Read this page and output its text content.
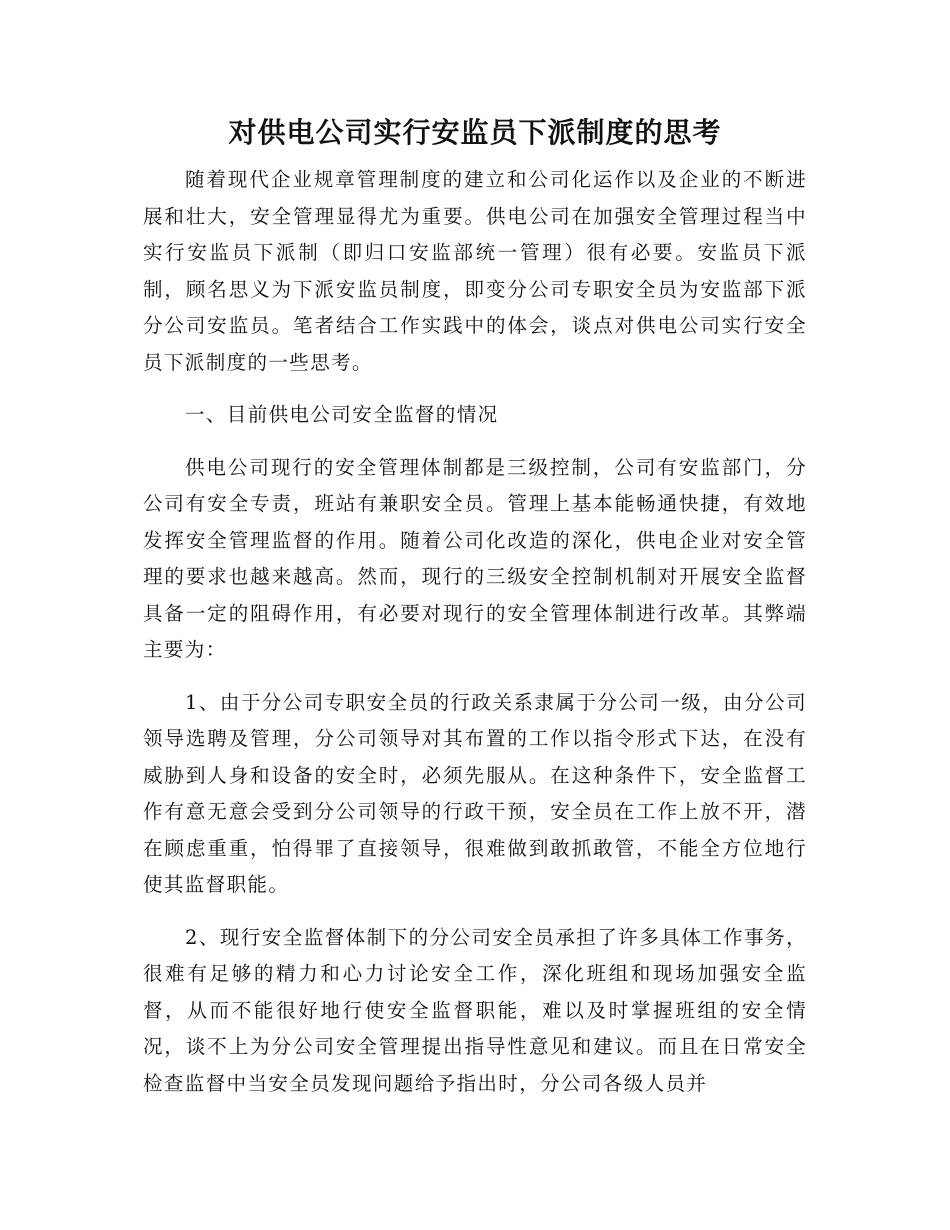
对供电公司实行安监员下派制度的思考

随着现代企业规章管理制度的建立和公司化运作以及企业的不断进展和壮大，安全管理显得尤为重要。供电公司在加强安全管理过程当中实行安监员下派制（即归口安监部统一管理）很有必要。安监员下派制，顾名思义为下派安监员制度，即变分公司专职安全员为安监部下派分公司安监员。笔者结合工作实践中的体会，谈点对供电公司实行安全员下派制度的一些思考。

一、目前供电公司安全监督的情况

供电公司现行的安全管理体制都是三级控制，公司有安监部门，分公司有安全专责，班站有兼职安全员。管理上基本能畅通快捷，有效地发挥安全管理监督的作用。随着公司化改造的深化，供电企业对安全管理的要求也越来越高。然而，现行的三级安全控制机制对开展安全监督具备一定的阻碍作用，有必要对现行的安全管理体制进行改革。其弊端主要为：

1、由于分公司专职安全员的行政关系隶属于分公司一级，由分公司领导选聘及管理，分公司领导对其布置的工作以指令形式下达，在没有威胁到人身和设备的安全时，必须先服从。在这种条件下，安全监督工作有意无意会受到分公司领导的行政干预，安全员在工作上放不开，潜在顾虑重重，怕得罪了直接领导，很难做到敢抓敢管，不能全方位地行使其监督职能。

2、现行安全监督体制下的分公司安全员承担了许多具体工作事务，很难有足够的精力和心力讨论安全工作，深化班组和现场加强安全监督，从而不能很好地行使安全监督职能，难以及时掌握班组的安全情况，谈不上为分公司安全管理提出指导性意见和建议。而且在日常安全检查监督中当安全员发现问题给予指出时，分公司各级人员并
